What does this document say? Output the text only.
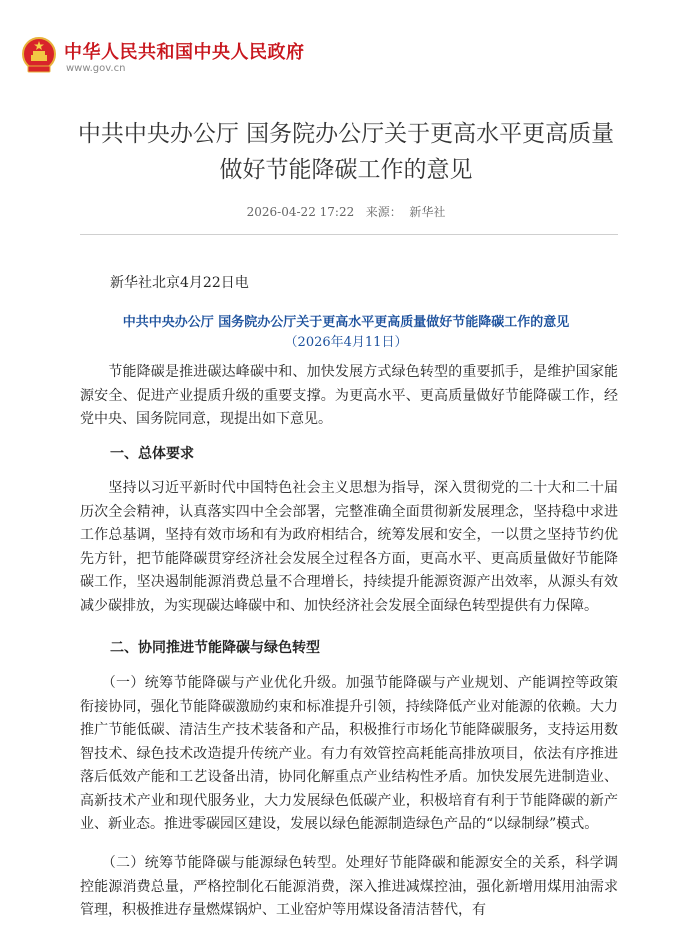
中华人民共和国中央人民政府
www.gov.cn
中共中央办公厅 国务院办公厅关于更高水平更高质量
做好节能降碳工作的意见
2026-04-22 17:22 来源： 新华社
新华社北京4月22日电
中共中央办公厅 国务院办公厅关于更高水平更高质量做好节能降碳工作的意见
（2026年4月11日）
　　节能降碳是推进碳达峰碳中和、加快发展方式绿色转型的重要抓手，是维护国家能源安全、促进产业提质升级的重要支撑。为更高水平、更高质量做好节能降碳工作，经党中央、国务院同意，现提出如下意见。
一、总体要求
　　坚持以习近平新时代中国特色社会主义思想为指导，深入贯彻党的二十大和二十届历次全会精神，认真落实四中全会部署，完整准确全面贯彻新发展理念，坚持稳中求进工作总基调，坚持有效市场和有为政府相结合，统筹发展和安全，一以贯之坚持节约优先方针，把节能降碳贯穿经济社会发展全过程各方面，更高水平、更高质量做好节能降碳工作，坚决遏制能源消费总量不合理增长，持续提升能源资源产出效率，从源头有效减少碳排放，为实现碳达峰碳中和、加快经济社会发展全面绿色转型提供有力保障。
二、协同推进节能降碳与绿色转型
　　（一）统筹节能降碳与产业优化升级。加强节能降碳与产业规划、产能调控等政策衔接协同，强化节能降碳激励约束和标准提升引领，持续降低产业对能源的依赖。大力推广节能低碳、清洁生产技术装备和产品，积极推行市场化节能降碳服务，支持运用数智技术、绿色技术改造提升传统产业。有力有效管控高耗能高排放项目，依法有序推进落后低效产能和工艺设备出清，协同化解重点产业结构性矛盾。加快发展先进制造业、高新技术产业和现代服务业，大力发展绿色低碳产业，积极培育有利于节能降碳的新产业、新业态。推进零碳园区建设，发展以绿色能源制造绿色产品的“以绿制绿”模式。
　　（二）统筹节能降碳与能源绿色转型。处理好节能降碳和能源安全的关系，科学调控能源消费总量，严格控制化石能源消费，深入推进减煤控油，强化新增用煤用油需求管理，积极推进存量燃煤锅炉、工业窑炉等用煤设备清洁替代，有
